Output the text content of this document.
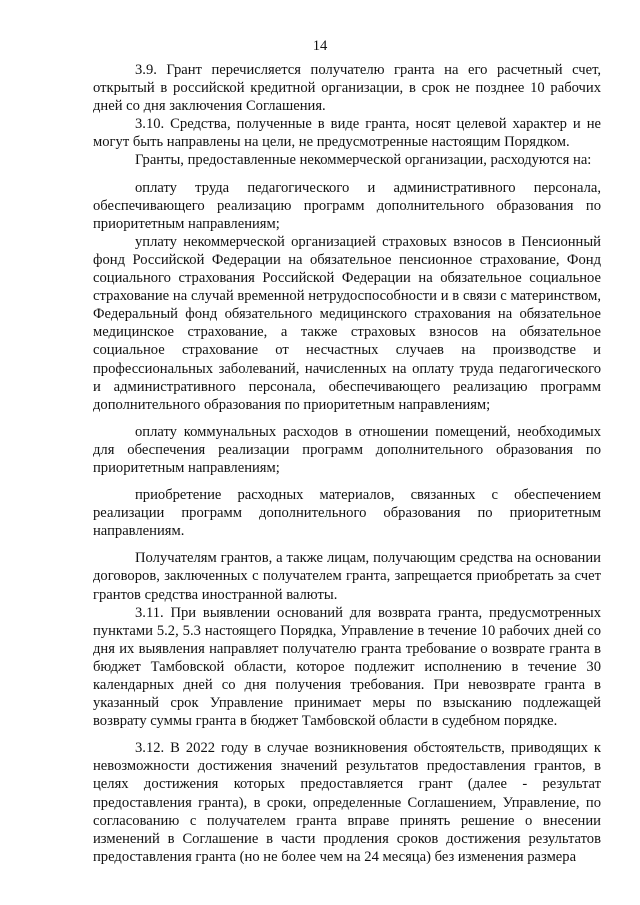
14

3.9. Грант перечисляется получателю гранта на его расчетный счет, открытый в российской кредитной организации, в срок не позднее 10 рабочих дней со дня заключения Соглашения.

3.10. Средства, полученные в виде гранта, носят целевой характер и не могут быть направлены на цели, не предусмотренные настоящим Порядком.

Гранты, предоставленные некоммерческой организации, расходуются на:

оплату труда педагогического и административного персонала, обеспечивающего реализацию программ дополнительного образования по приоритетным направлениям;

уплату некоммерческой организацией страховых взносов в Пенсионный фонд Российской Федерации на обязательное пенсионное страхование, Фонд социального страхования Российской Федерации на обязательное социальное страхование на случай временной нетрудоспособности и в связи с материнством, Федеральный фонд обязательного медицинского страхования на обязательное медицинское страхование, а также страховых взносов на обязательное социальное страхование от несчастных случаев на производстве и профессиональных заболеваний, начисленных на оплату труда педагогического и административного персонала, обеспечивающего реализацию программ дополнительного образования по приоритетным направлениям;

оплату коммунальных расходов в отношении помещений, необходимых для обеспечения реализации программ дополнительного образования по приоритетным направлениям;

приобретение расходных материалов, связанных с обеспечением реализации программ дополнительного образования по приоритетным направлениям.

Получателям грантов, а также лицам, получающим средства на основании договоров, заключенных с получателем гранта, запрещается приобретать за счет грантов средства иностранной валюты.

3.11. При выявлении оснований для возврата гранта, предусмотренных пунктами 5.2, 5.3 настоящего Порядка, Управление в течение 10 рабочих дней со дня их выявления направляет получателю гранта требование о возврате гранта в бюджет Тамбовской области, которое подлежит исполнению в течение 30 календарных дней со дня получения требования. При невозврате гранта в указанный срок Управление принимает меры по взысканию подлежащей возврату суммы гранта в бюджет Тамбовской области в судебном порядке.

3.12. В 2022 году в случае возникновения обстоятельств, приводящих к невозможности достижения значений результатов предоставления грантов, в целях достижения которых предоставляется грант (далее - результат предоставления гранта), в сроки, определенные Соглашением, Управление, по согласованию с получателем гранта вправе принять решение о внесении изменений в Соглашение в части продления сроков достижения результатов предоставления гранта (но не более чем на 24 месяца) без изменения размера
